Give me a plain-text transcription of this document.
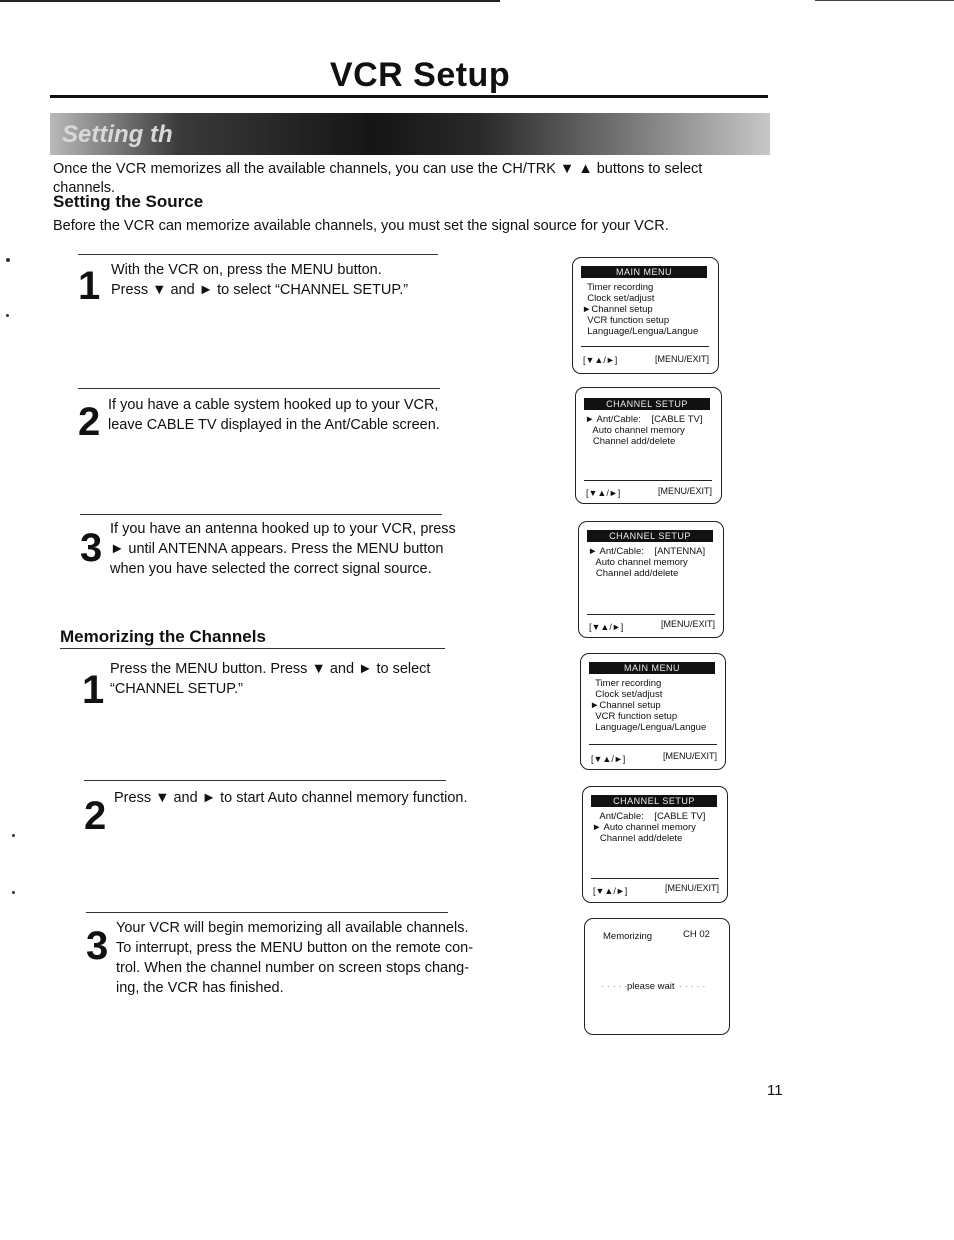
VCR Setup
Setting th
Once the VCR memorizes all the available channels, you can use the CH/TRK ▼ ▲ buttons to select channels.
Setting the Source
Before the VCR can memorize available channels, you must set the signal source for your VCR.
1 With the VCR on, press the MENU button.
Press ▼ and ► to select “CHANNEL SETUP.”
2 If you have a cable system hooked up to your VCR,
leave CABLE TV displayed in the Ant/Cable screen.
3 If you have an antenna hooked up to your VCR, press
► until ANTENNA appears. Press the MENU button
when you have selected the correct signal source.
Memorizing the Channels
1 Press the MENU button. Press ▼ and ► to select
“CHANNEL SETUP.”
2 Press ▼ and ► to start Auto channel memory function.
3 Your VCR will begin memorizing all available channels.
To interrupt, press the MENU button on the remote con-
trol. When the channel number on screen stops chang-
ing, the VCR has finished.
MAIN MENU
Timer recording
Clock set/adjust
►Channel setup
VCR function setup
Language/Lengua/Langue
[▼▲/►]	[MENU/EXIT]
CHANNEL SETUP
► Ant/Cable:    [CABLE TV]
Auto channel memory
Channel add/delete
[▼▲/►]	[MENU/EXIT]
CHANNEL SETUP
► Ant/Cable:    [ANTENNA]
Auto channel memory
Channel add/delete
[▼▲/►]	[MENU/EXIT]
MAIN MENU
Timer recording
Clock set/adjust
►Channel setup
VCR function setup
Language/Lengua/Langue
[▼▲/►]	[MENU/EXIT]
CHANNEL SETUP
Ant/Cable:    [CABLE TV]
► Auto channel memory
Channel add/delete
[▼▲/►]	[MENU/EXIT]
Memorizing	CH 02
· · · · · please wait · · · · ·
11
